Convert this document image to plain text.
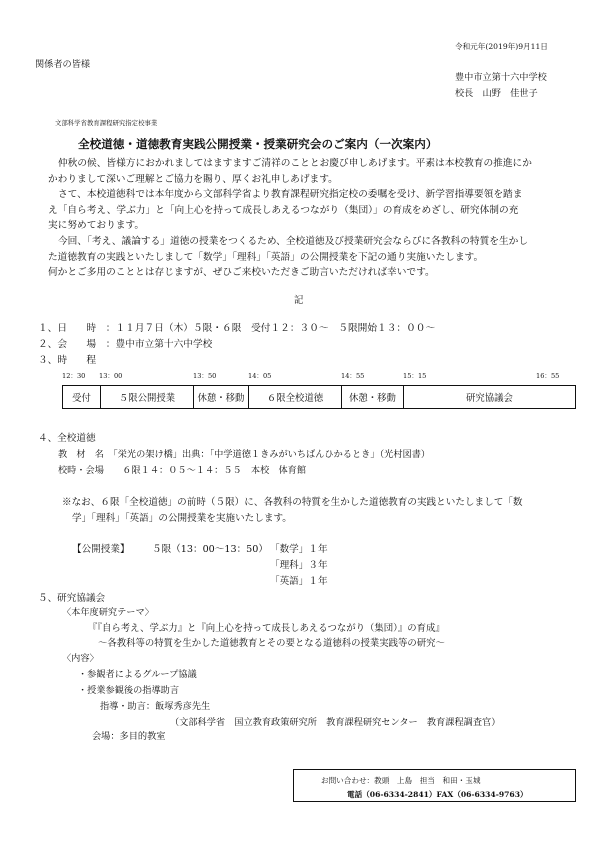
令和元年(2019年)9月11日
関係者の皆様
豊中市立第十六中学校
校長　山野　佳世子
文部科学省教育課程研究指定校事業
全校道徳・道徳教育実践公開授業・授業研究会のご案内（一次案内）

仲秋の候、皆様方におかれましてはますますご清祥のこととお慶び申しあげます。平素は本校教育の推進にか

かわりまして深いご理解とご協力を賜り、厚くお礼申しあげます。

さて、本校道徳科では本年度から文部科学省より教育課程研究指定校の委嘱を受け、新学習指導要領を踏ま

え「自ら考え、学ぶ力」と「向上心を持って成長しあえるつながり（集団）」の育成をめざし、研究体制の充

実に努めております。

今回、「考え、議論する」道徳の授業をつくるため、全校道徳及び授業研究会ならびに各教科の特質を生かし

た道徳教育の実践といたしまして「数学」「理科」「英語」の公開授業を下記の通り実施いたします。

何かとご多用のこととは存じますが、ぜひご来校いただきご助言いただければ幸いです。

記
１、日　　時　：１１月７日（木）５限・６限　受付１２：３０～　５限開始１３：００～
２、会　　場　：豊中市立第十六中学校
３、時　　程
12：30 13：00	13：50	14：05	14：55	15：15	16：55
受付	５限公開授業	休憩・移動	６限全校道徳	休憩・移動	研究協議会
４、全校道徳
教　材　名　「栄光の架け橋」出典：「中学道徳１きみがいちばんひかるとき」（光村図書）
校時・会場　　６限１４：０５～１４：５５　本校　体育館
※なお、６限「全校道徳」の前時（５限）に、各教科の特質を生かした道徳教育の実践といたしまして「数
学」「理科」「英語」の公開授業を実施いたします。
【公開授業】 ５限（13：00～13：50） 「数学」１年
「理科」３年
「英語」１年
５、研究協議会
〈本年度研究テーマ〉
『『自ら考え、学ぶ力』と『向上心を持って成長しあえるつながり（集団）』の育成』
～各教科等の特質を生かした道徳教育とその要となる道徳科の授業実践等の研究～
〈内容〉
・参観者によるグループ協議
・授業参観後の指導助言
指導・助言：飯塚秀彦先生
（文部科学省　国立教育政策研究所　教育課程研究センター　教育課程調査官）
会場：多目的教室
お問い合わせ：教頭　上島　担当　和田・玉城
電話（06-6334-2841）FAX（06-6334-9763）
